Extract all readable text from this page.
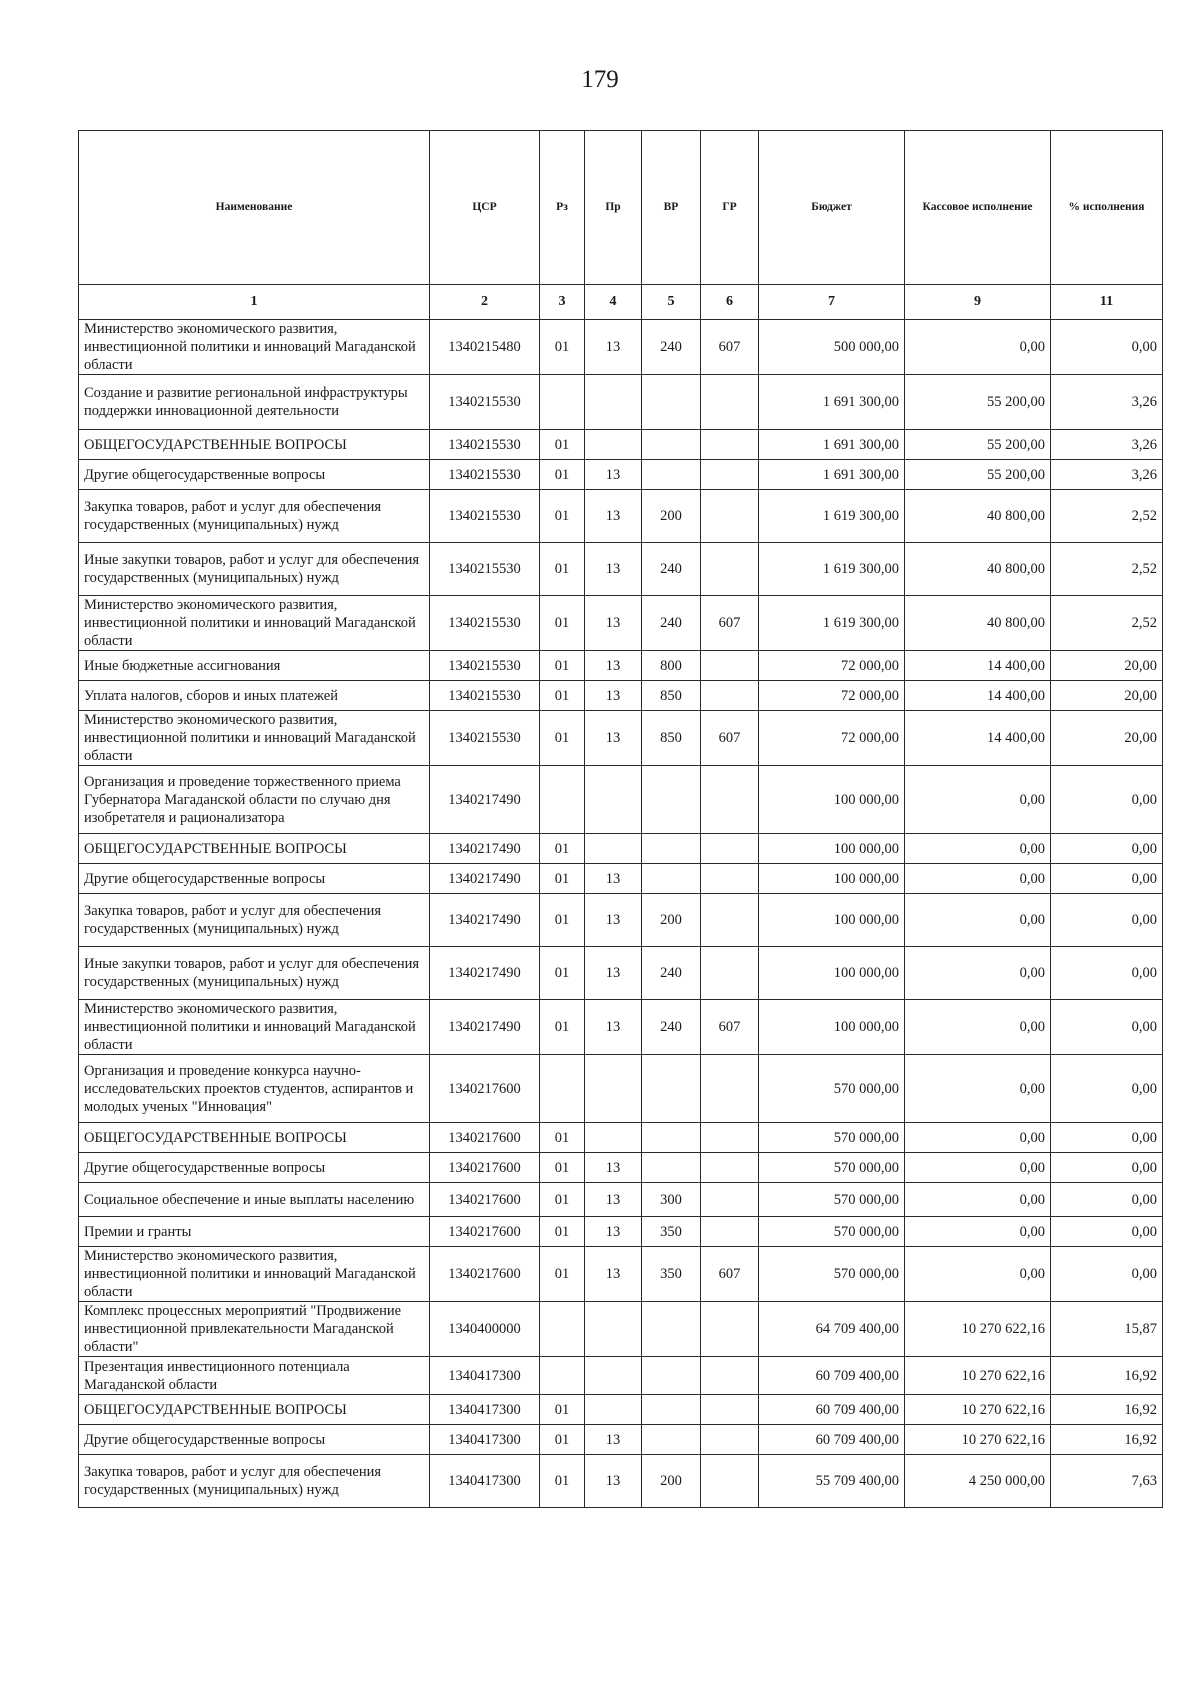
179
Наименование	ЦСР	Рз	Пр	ВР	ГР	Бюджет	Кассовое исполнение	% исполнения
1	2	3	4	5	6	7	9	11
Министерство экономического развития, инвестиционной политики и инноваций Магаданской области	1340215480	01	13	240	607	500 000,00	0,00	0,00
Создание и развитие региональной инфраструктуры поддержки инновационной деятельности	1340215530					1 691 300,00	55 200,00	3,26
ОБЩЕГОСУДАРСТВЕННЫЕ ВОПРОСЫ	1340215530	01				1 691 300,00	55 200,00	3,26
Другие общегосударственные вопросы	1340215530	01	13			1 691 300,00	55 200,00	3,26
Закупка товаров, работ и услуг для обеспечения государственных (муниципальных) нужд	1340215530	01	13	200		1 619 300,00	40 800,00	2,52
Иные закупки товаров, работ и услуг для обеспечения государственных (муниципальных) нужд	1340215530	01	13	240		1 619 300,00	40 800,00	2,52
Министерство экономического развития, инвестиционной политики и инноваций Магаданской области	1340215530	01	13	240	607	1 619 300,00	40 800,00	2,52
Иные бюджетные ассигнования	1340215530	01	13	800		72 000,00	14 400,00	20,00
Уплата налогов, сборов и иных платежей	1340215530	01	13	850		72 000,00	14 400,00	20,00
Министерство экономического развития, инвестиционной политики и инноваций Магаданской области	1340215530	01	13	850	607	72 000,00	14 400,00	20,00
Организация и проведение торжественного приема Губернатора Магаданской области по случаю дня изобретателя и рационализатора	1340217490					100 000,00	0,00	0,00
ОБЩЕГОСУДАРСТВЕННЫЕ ВОПРОСЫ	1340217490	01				100 000,00	0,00	0,00
Другие общегосударственные вопросы	1340217490	01	13			100 000,00	0,00	0,00
Закупка товаров, работ и услуг для обеспечения государственных (муниципальных) нужд	1340217490	01	13	200		100 000,00	0,00	0,00
Иные закупки товаров, работ и услуг для обеспечения государственных (муниципальных) нужд	1340217490	01	13	240		100 000,00	0,00	0,00
Министерство экономического развития, инвестиционной политики и инноваций Магаданской области	1340217490	01	13	240	607	100 000,00	0,00	0,00
Организация и проведение конкурса научно-исследовательских проектов студентов, аспирантов и молодых ученых "Инновация"	1340217600					570 000,00	0,00	0,00
ОБЩЕГОСУДАРСТВЕННЫЕ ВОПРОСЫ	1340217600	01				570 000,00	0,00	0,00
Другие общегосударственные вопросы	1340217600	01	13			570 000,00	0,00	0,00
Социальное обеспечение и иные выплаты населению	1340217600	01	13	300		570 000,00	0,00	0,00
Премии и гранты	1340217600	01	13	350		570 000,00	0,00	0,00
Министерство экономического развития, инвестиционной политики и инноваций Магаданской области	1340217600	01	13	350	607	570 000,00	0,00	0,00
Комплекс процессных мероприятий "Продвижение инвестиционной привлекательности Магаданской области"	1340400000					64 709 400,00	10 270 622,16	15,87
Презентация инвестиционного потенциала Магаданской области	1340417300					60 709 400,00	10 270 622,16	16,92
ОБЩЕГОСУДАРСТВЕННЫЕ ВОПРОСЫ	1340417300	01				60 709 400,00	10 270 622,16	16,92
Другие общегосударственные вопросы	1340417300	01	13			60 709 400,00	10 270 622,16	16,92
Закупка товаров, работ и услуг для обеспечения государственных (муниципальных) нужд	1340417300	01	13	200		55 709 400,00	4 250 000,00	7,63
